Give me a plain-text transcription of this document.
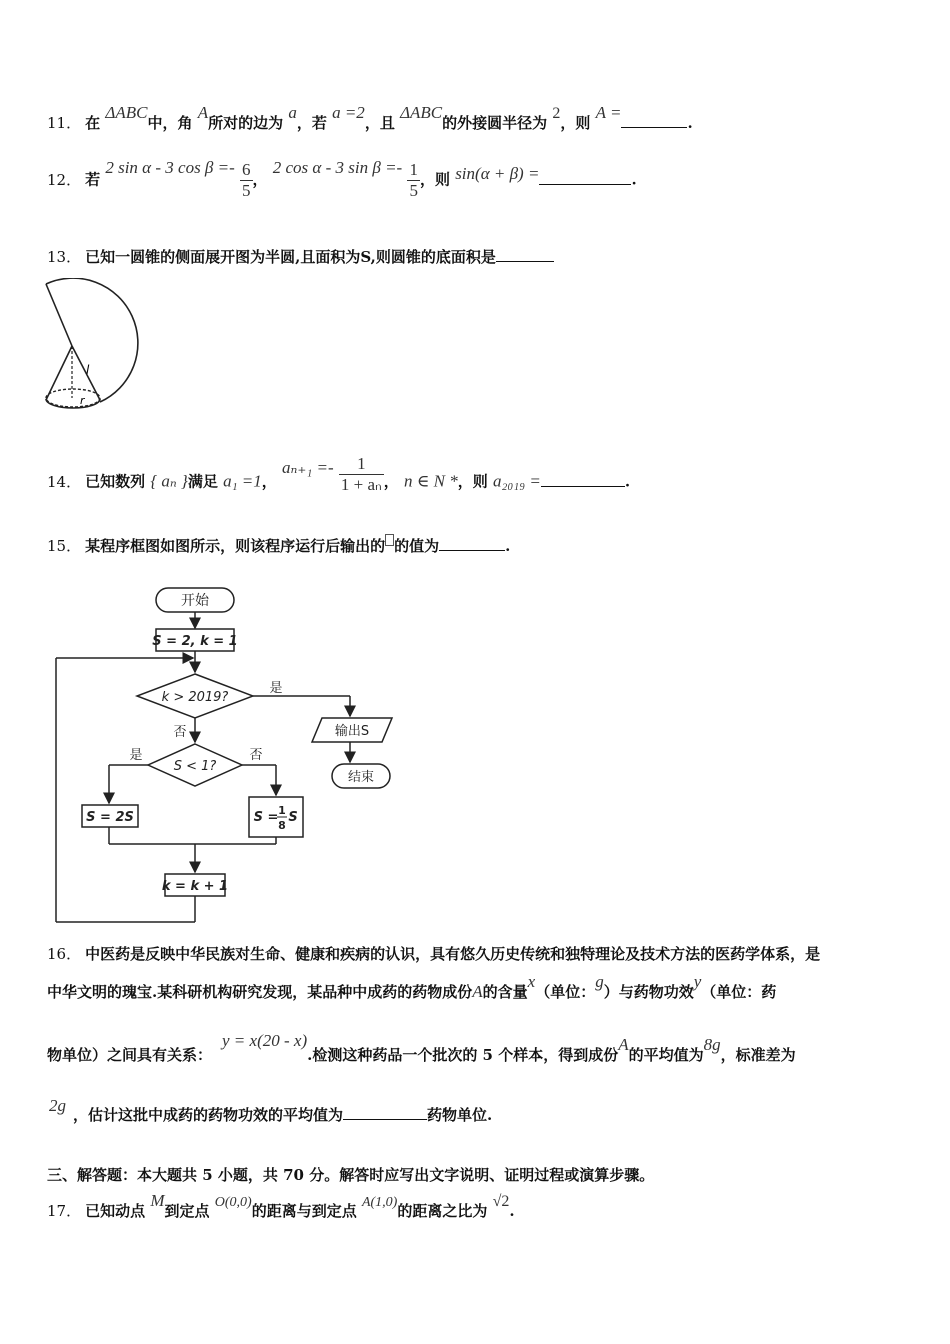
11． 在 ΔABC中，角 A所对的边为 a，若 a =2，且 ΔABC的外接圆半径为 2，则 A =.
12． 若 2 sin α - 3 $\cos \beta =- \frac{6}{5}$ ， 2 cos α - 3 $\sin \beta =- \frac{1}{5}$ ，则 sin(α + β) =	.
13． 已知一圆锥的侧面展开图为半圆,且面积为S,则圆锥的底面积是
l
r
14． 已知数列 { aₙ }满足 a₁ =1， $a_{n+1} =- \frac{1}{\text{1 + aₙ}}$ ， n ∈ N *，则 a₂₀₁₉ =	.
15． 某程序框图如图所示，则该程序运行后输出的 的值为	.
开始
S = 2, k = 1
k > 2019?
是
否	输出S
结束
S < 1?
是	否
S = 2S	S = 1
8
S
k = k + 1
16． 中医药是反映中华民族对生命、健康和疾病的认识，具有悠久历史传统和独特理论及技术方法的医药学体系，是
中华文明的瑰宝.某科研机构研究发现，某品种中成药的药物成份A的含量x（单位：g）与药物功效y（单位：药
物单位）之间具有关系：y = x(20 - x).检测这种药品一个批次的 5 个样本，得到成份A的平均值为8g，标准差为
2g ，估计这批中成药的药物功效的平均值为	药物单位.
三、解答题：本大题共 5 小题，共 70 分。解答时应写出文字说明、证明过程或演算步骤。
17． 已知动点 M到定点 O(0,0)的距离与到定点 A(1,0)的距离之比为 √2.
